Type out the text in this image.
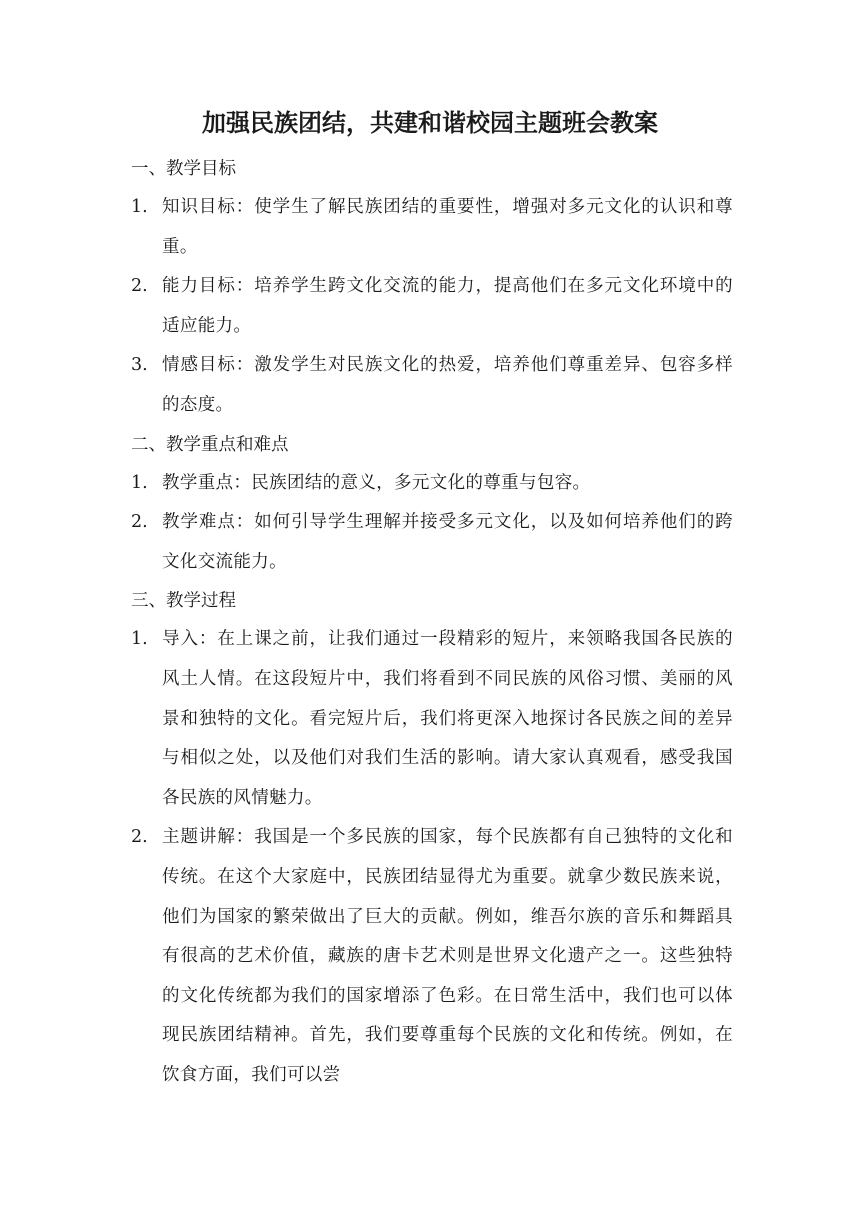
加强民族团结，共建和谐校园主题班会教案
一、教学目标
1. 知识目标：使学生了解民族团结的重要性，增强对多元文化的认识和尊重。
2. 能力目标：培养学生跨文化交流的能力，提高他们在多元文化环境中的适应能力。
3. 情感目标：激发学生对民族文化的热爱，培养他们尊重差异、包容多样的态度。
二、教学重点和难点
1. 教学重点：民族团结的意义，多元文化的尊重与包容。
2. 教学难点：如何引导学生理解并接受多元文化，以及如何培养他们的跨文化交流能力。
三、教学过程
1. 导入：在上课之前，让我们通过一段精彩的短片，来领略我国各民族的风土人情。在这段短片中，我们将看到不同民族的风俗习惯、美丽的风景和独特的文化。看完短片后，我们将更深入地探讨各民族之间的差异与相似之处，以及他们对我们生活的影响。请大家认真观看，感受我国各民族的风情魅力。
2. 主题讲解：我国是一个多民族的国家，每个民族都有自己独特的文化和传统。在这个大家庭中，民族团结显得尤为重要。就拿少数民族来说，他们为国家的繁荣做出了巨大的贡献。例如，维吾尔族的音乐和舞蹈具有很高的艺术价值，藏族的唐卡艺术则是世界文化遗产之一。这些独特的文化传统都为我们的国家增添了色彩。在日常生活中，我们也可以体现民族团结精神。首先，我们要尊重每个民族的文化和传统。例如，在饮食方面，我们可以尝
